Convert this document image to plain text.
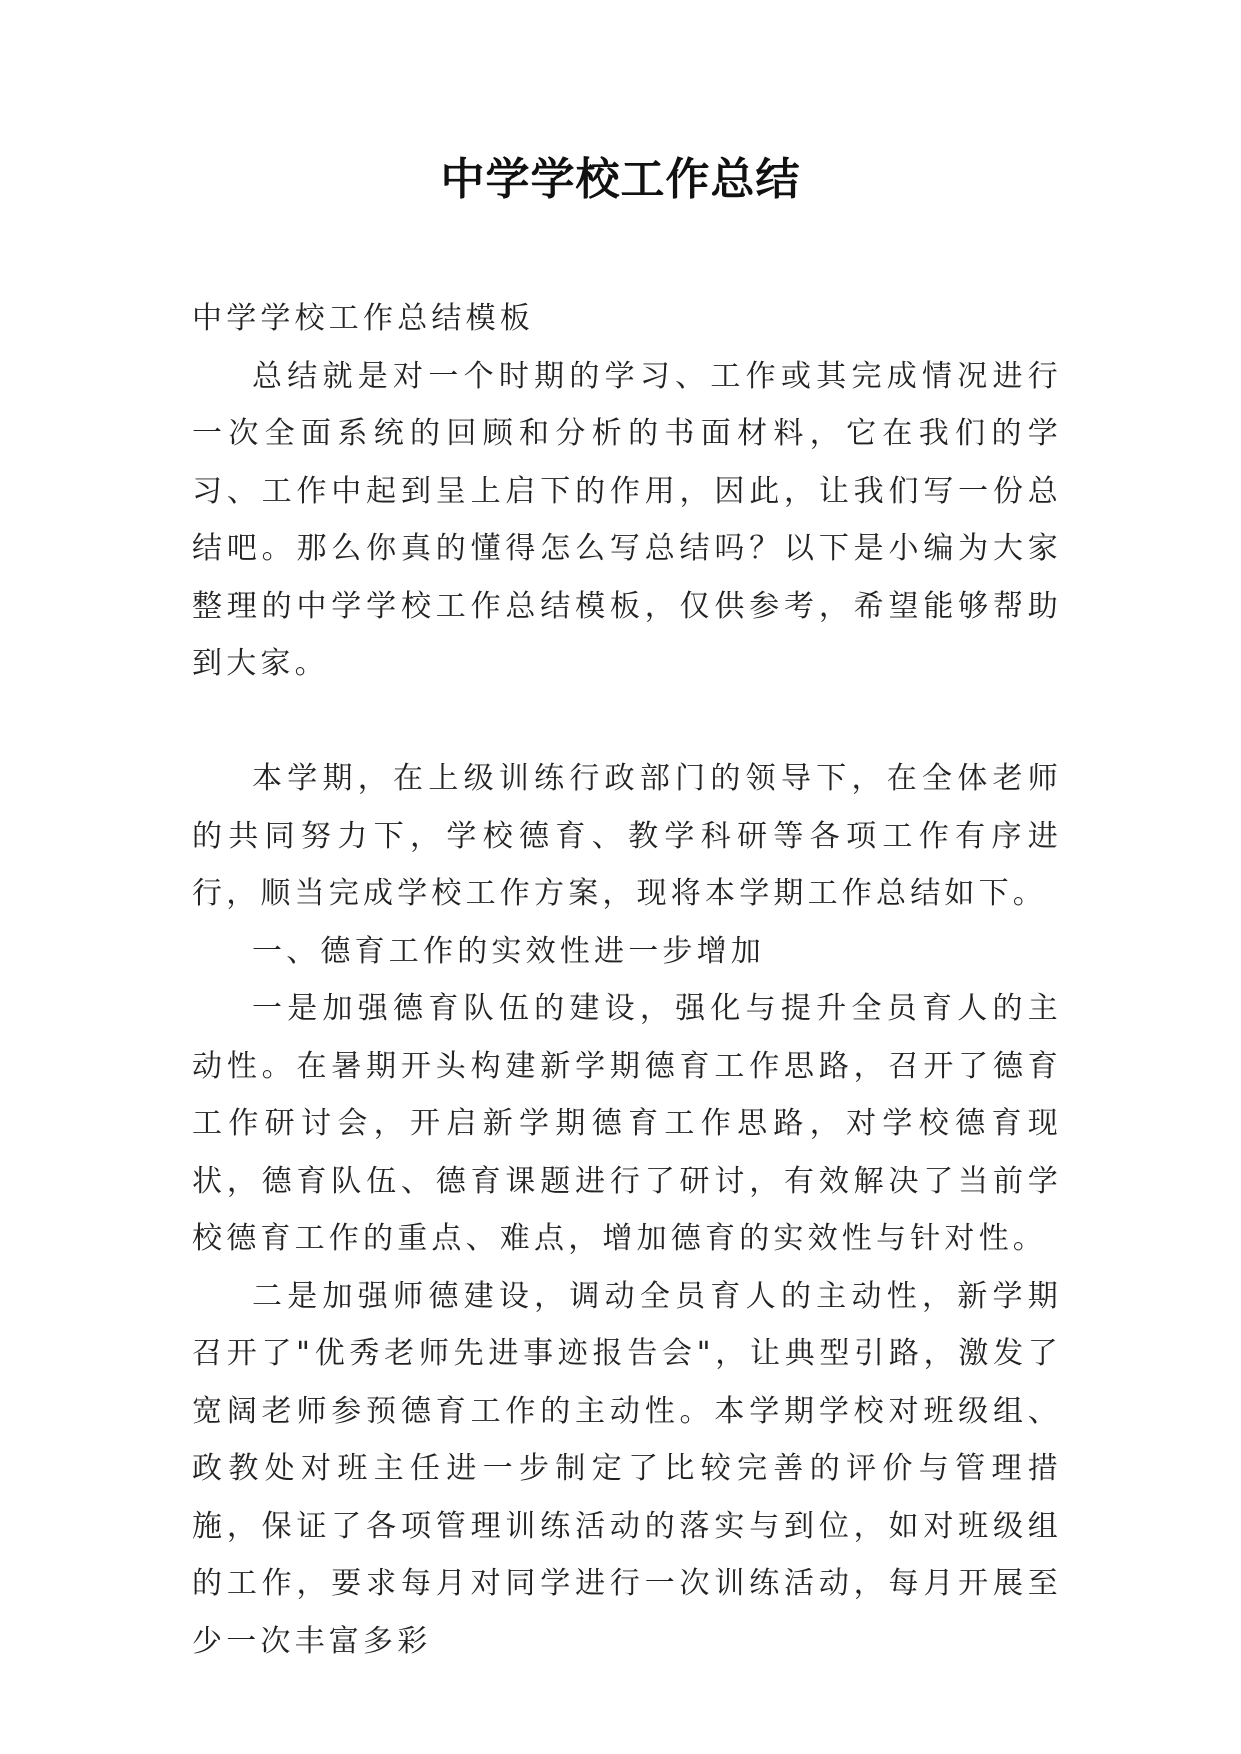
中学学校工作总结

中学学校工作总结模板

总结就是对一个时期的学习、工作或其完成情况进行一次全面系统的回顾和分析的书面材料，它在我们的学习、工作中起到呈上启下的作用，因此，让我们写一份总结吧。那么你真的懂得怎么写总结吗？以下是小编为大家整理的中学学校工作总结模板，仅供参考，希望能够帮助到大家。

本学期，在上级训练行政部门的领导下，在全体老师的共同努力下，学校德育、教学科研等各项工作有序进行，顺当完成学校工作方案，现将本学期工作总结如下。

一、德育工作的实效性进一步增加

一是加强德育队伍的建设，强化与提升全员育人的主动性。在暑期开头构建新学期德育工作思路，召开了德育工作研讨会，开启新学期德育工作思路，对学校德育现状，德育队伍、德育课题进行了研讨，有效解决了当前学校德育工作的重点、难点，增加德育的实效性与针对性。

二是加强师德建设，调动全员育人的主动性，新学期召开了"优秀老师先进事迹报告会"，让典型引路，激发了宽阔老师参预德育工作的主动性。本学期学校对班级组、政教处对班主任进一步制定了比较完善的评价与管理措施，保证了各项管理训练活动的落实与到位，如对班级组的工作，要求每月对同学进行一次训练活动，每月开展至少一次丰富多彩
